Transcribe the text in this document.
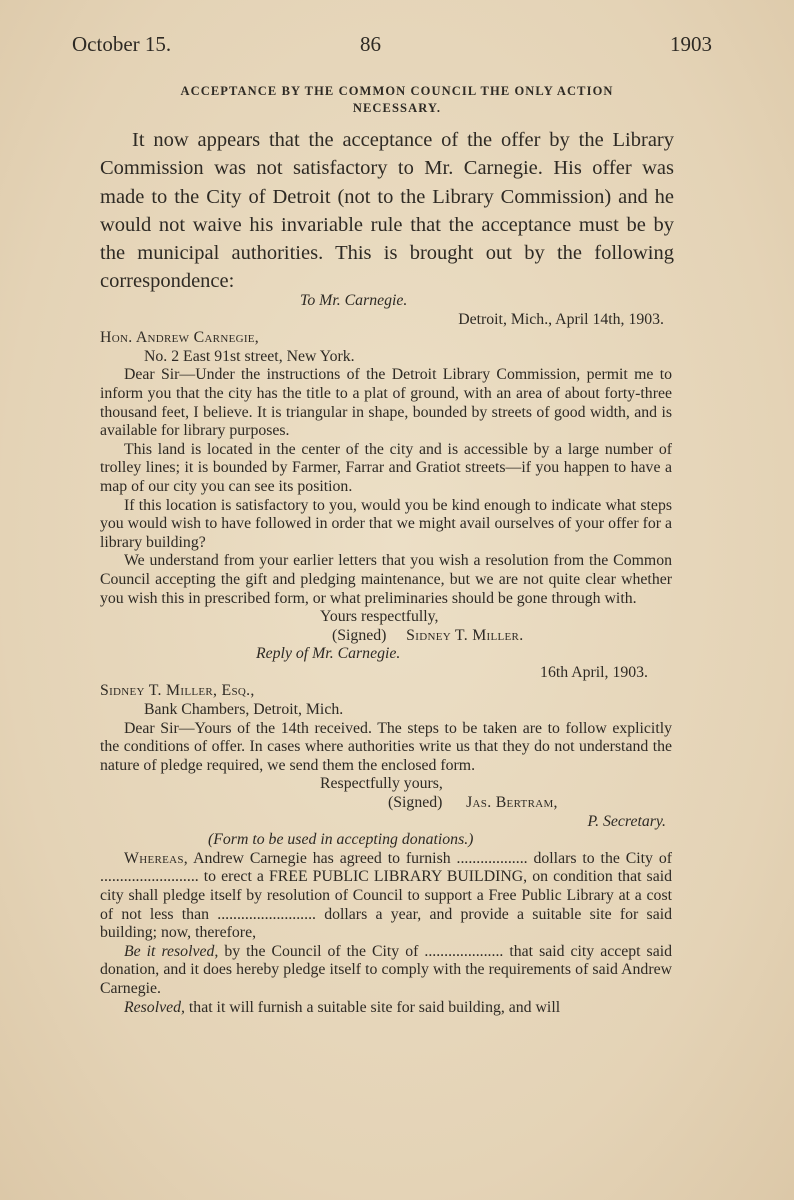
October 15.	86	1903
ACCEPTANCE BY THE COMMON COUNCIL THE ONLY ACTION
NECESSARY.

It now appears that the acceptance of the offer by the Library Commission was not satisfactory to Mr. Carnegie. His offer was made to the City of Detroit (not to the Library Commission) and he would not waive his invariable rule that the acceptance must be by the municipal authorities. This is brought out by the following correspondence:

To Mr. Carnegie.
Detroit, Mich., April 14th, 1903.
Hon. Andrew Carnegie,
No. 2 East 91st street, New York.

Dear Sir—Under the instructions of the Detroit Library Commission, permit me to inform you that the city has the title to a plat of ground, with an area of about forty-three thousand feet, I believe. It is triangular in shape, bounded by streets of good width, and is available for library purposes.

This land is located in the center of the city and is accessible by a large number of trolley lines; it is bounded by Farmer, Farrar and Gratiot streets—if you happen to have a map of our city you can see its position.

If this location is satisfactory to you, would you be kind enough to indicate what steps you would wish to have followed in order that we might avail ourselves of your offer for a library building?

We understand from your earlier letters that you wish a resolution from the Common Council accepting the gift and pledging maintenance, but we are not quite clear whether you wish this in prescribed form, or what preliminaries should be gone through with.

Yours respectfully,
(Signed) Sidney T. Miller.
Reply of Mr. Carnegie.
16th April, 1903.
Sidney T. Miller, Esq.,
Bank Chambers, Detroit, Mich.

Dear Sir—Yours of the 14th received. The steps to be taken are to follow explicitly the conditions of offer. In cases where authorities write us that they do not understand the nature of pledge required, we send them the enclosed form.

Respectfully yours,
(Signed) Jas. Bertram,
P. Secretary.
(Form to be used in accepting donations.)

Whereas, Andrew Carnegie has agreed to furnish .................. dollars to the City of ......................... to erect a FREE PUBLIC LIBRARY BUILDING, on condition that said city shall pledge itself by resolution of Council to support a Free Public Library at a cost of not less than ......................... dollars a year, and provide a suitable site for said building; now, therefore,

Be it resolved, by the Council of the City of .................... that said city accept said donation, and it does hereby pledge itself to comply with the requirements of said Andrew Carnegie.

Resolved, that it will furnish a suitable site for said building, and will
